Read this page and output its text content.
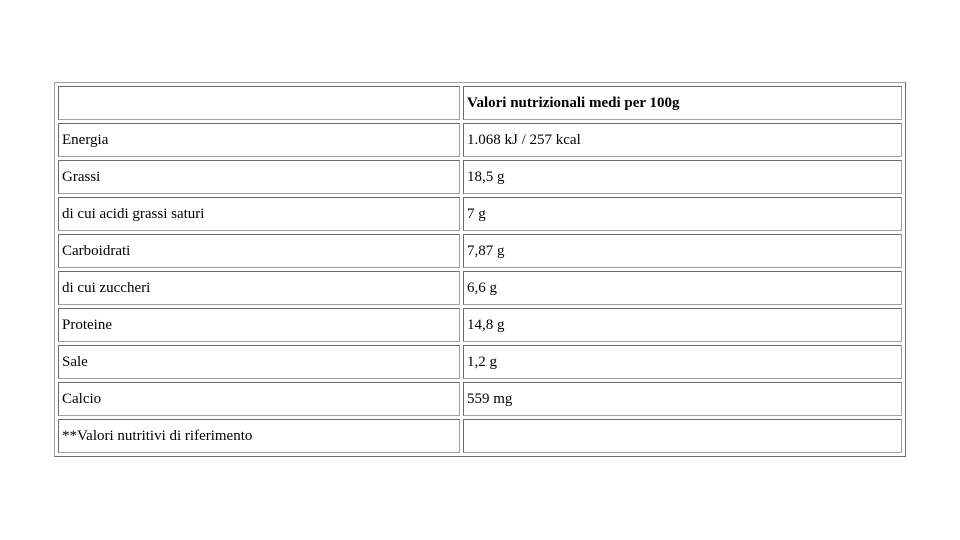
	Valori nutrizionali medi per 100g
Energia	1.068 kJ / 257 kcal
Grassi	18,5 g
di cui acidi grassi saturi	7 g
Carboidrati	7,87 g
di cui zuccheri	6,6 g
Proteine	14,8 g
Sale	1,2 g
Calcio	559 mg
**Valori nutritivi di riferimento	
